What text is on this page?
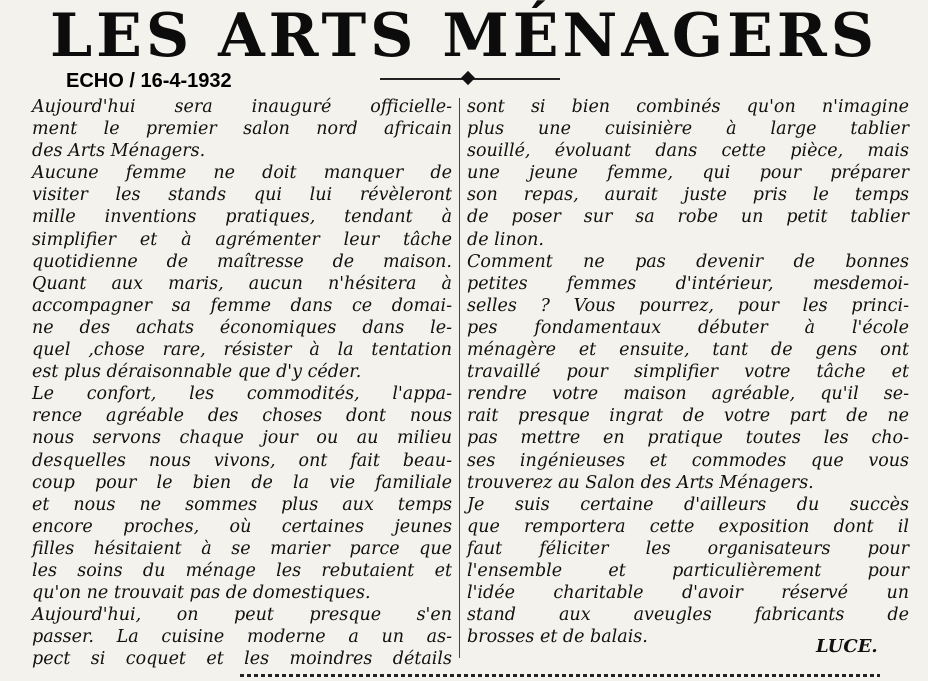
LES ARTS MÉNAGERS
ECHO / 16-4-1932
Aujourd'hui sera inauguré officielle-
ment le premier salon nord africain
des Arts Ménagers.
Aucune femme ne doit manquer de
visiter les stands qui lui révèleront
mille inventions pratiques, tendant à
simplifier et à agrémenter leur tâche
quotidienne de maîtresse de maison.
Quant aux maris, aucun n'hésitera à
accompagner sa femme dans ce domai-
ne des achats économiques dans le-
quel ,chose rare, résister à la tentation
est plus déraisonnable que d'y céder.
Le confort, les commodités, l'appa-
rence agréable des choses dont nous
nous servons chaque jour ou au milieu
desquelles nous vivons, ont fait beau-
coup pour le bien de la vie familiale
et nous ne sommes plus aux temps
encore proches, où certaines jeunes
filles hésitaient à se marier parce que
les soins du ménage les rebutaient et
qu'on ne trouvait pas de domestiques.
Aujourd'hui, on peut presque s'en
passer. La cuisine moderne a un as-
pect si coquet et les moindres détails
sont si bien combinés qu'on n'imagine
plus une cuisinière à large tablier
souillé, évoluant dans cette pièce, mais
une jeune femme, qui pour préparer
son repas, aurait juste pris le temps
de poser sur sa robe un petit tablier
de linon.
Comment ne pas devenir de bonnes
petites femmes d'intérieur, mesdemoi-
selles ? Vous pourrez, pour les princi-
pes fondamentaux débuter à l'école
ménagère et ensuite, tant de gens ont
travaillé pour simplifier votre tâche et
rendre votre maison agréable, qu'il se-
rait presque ingrat de votre part de ne
pas mettre en pratique toutes les cho-
ses ingénieuses et commodes que vous
trouverez au Salon des Arts Ménagers.
Je suis certaine d'ailleurs du succès
que remportera cette exposition dont il
faut féliciter les organisateurs pour
l'ensemble et particulièrement pour
l'idée charitable d'avoir réservé un
stand aux aveugles fabricants de
brosses et de balais.	LUCE.
